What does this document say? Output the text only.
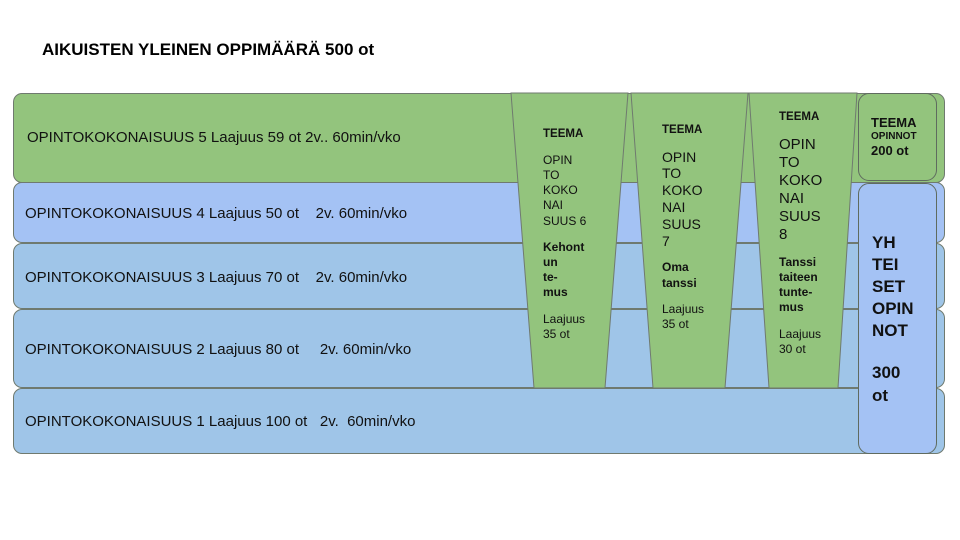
AIKUISTEN YLEINEN OPPIMÄÄRÄ 500 ot
OPINTOKOKONAISUUS 5 Laajuus 59 ot 2v.. 60min/vko
OPINTOKOKONAISUUS 4 Laajuus 50 ot    2v. 60min/vko
OPINTOKOKONAISUUS 3 Laajuus 70 ot    2v. 60min/vko
OPINTOKOKONAISUUS 2 Laajuus 80 ot     2v. 60min/vko
OPINTOKOKONAISUUS 1 Laajuus 100 ot   2v.  60min/vko
TEEMA
OPIN
TO
KOKO
NAI
SUUS 6
Kehont
un
te-
mus
Laajuus
35 ot
TEEMA
OPIN
TO
KOKO
NAI
SUUS
7
Oma
tanssi
Laajuus
35 ot
TEEMA
OPIN
TO
KOKO
NAI
SUUS
8
Tanssi
taiteen
tunte-
mus
Laajuus
30 ot
TEEMA
OPINNOT
200 ot
YH
TEI
SET
OPIN
NOT
300
ot
